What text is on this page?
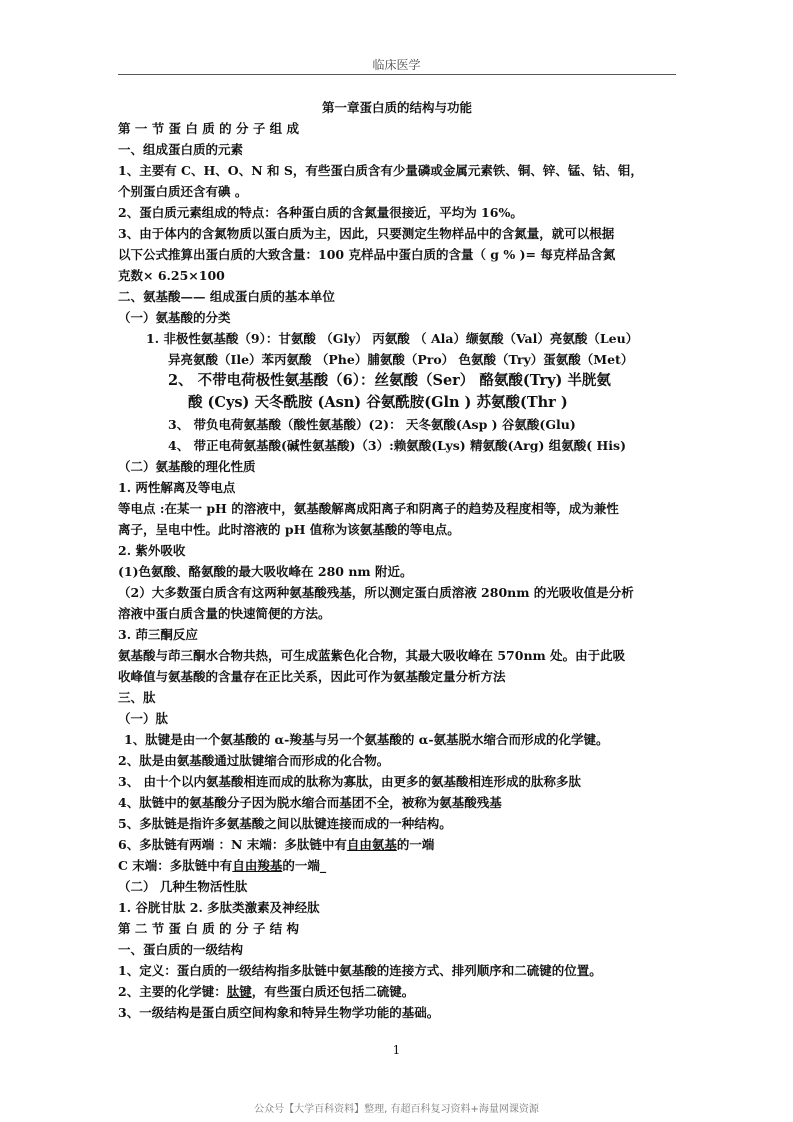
临床医学
第一章蛋白质的结构与功能
第 一 节 蛋 白 质 的 分 子 组 成
一、组成蛋白质的元素
1、主要有 C、H、O、N 和 S，有些蛋白质含有少量磷或金属元素铁、铜、锌、锰、钴、钼，
个别蛋白质还含有碘 。
2、蛋白质元素组成的特点：各种蛋白质的含氮量很接近，平均为 16%。
3、由于体内的含氮物质以蛋白质为主，因此，只要测定生物样品中的含氮量，就可以根据
以下公式推算出蛋白质的大致含量：100 克样品中蛋白质的含量（ g % )= 每克样品含氮
克数× 6.25×100
二、氨基酸—— 组成蛋白质的基本单位
（一）氨基酸的分类
1. 非极性氨基酸（9）：甘氨酸 （Gly） 丙氨酸 （ Ala）缬氨酸（Val）亮氨酸（Leu）
异亮氨酸（Ile）苯丙氨酸 （Phe）脯氨酸（Pro） 色氨酸（Try）蛋氨酸（Met）
2、 不带电荷极性氨基酸（6）：丝氨酸（Ser） 酪氨酸(Try) 半胱氨
酸 (Cys) 天冬酰胺 (Asn) 谷氨酰胺(Gln ) 苏氨酸(Thr )
3、 带负电荷氨基酸（酸性氨基酸）(2)： 天冬氨酸(Asp ) 谷氨酸(Glu)
4、 带正电荷氨基酸(碱性氨基酸)（3）:赖氨酸(Lys) 精氨酸(Arg) 组氨酸( His)
（二）氨基酸的理化性质
1. 两性解离及等电点
等电点 :在某一 pH 的溶液中，氨基酸解离成阳离子和阴离子的趋势及程度相等，成为兼性
离子，呈电中性。此时溶液的 pH 值称为该氨基酸的等电点。
2. 紫外吸收
(1)色氨酸、酪氨酸的最大吸收峰在 280 nm 附近。
（2）大多数蛋白质含有这两种氨基酸残基，所以测定蛋白质溶液 280nm 的光吸收值是分析
溶液中蛋白质含量的快速简便的方法。
3. 茚三酮反应
氨基酸与茚三酮水合物共热，可生成蓝紫色化合物，其最大吸收峰在 570nm 处。由于此吸
收峰值与氨基酸的含量存在正比关系，因此可作为氨基酸定量分析方法
三、肽
（一）肽
1、肽键是由一个氨基酸的 α-羧基与另一个氨基酸的 α-氨基脱水缩合而形成的化学键。
2、肽是由氨基酸通过肽键缩合而形成的化合物。
3、 由十个以内氨基酸相连而成的肽称为寡肽，由更多的氨基酸相连形成的肽称多肽
4、肽链中的氨基酸分子因为脱水缩合而基团不全，被称为氨基酸残基
5、多肽链是指许多氨基酸之间以肽键连接而成的一种结构。
6、多肽链有两端 ：N 末端：多肽链中有自由氨基的一端
C 末端：多肽链中有自由羧基的一端_
（二） 几种生物活性肽
1. 谷胱甘肽 2. 多肽类激素及神经肽
第 二 节 蛋 白 质 的 分 子 结 构
一、蛋白质的一级结构
1、定义：蛋白质的一级结构指多肽链中氨基酸的连接方式、排列顺序和二硫键的位置。
2、主要的化学键：肽键，有些蛋白质还包括二硫键。
3、一级结构是蛋白质空间构象和特异生物学功能的基础。
1
公众号【大学百科资料】整理, 有超百科复习资料+海量网课资源
